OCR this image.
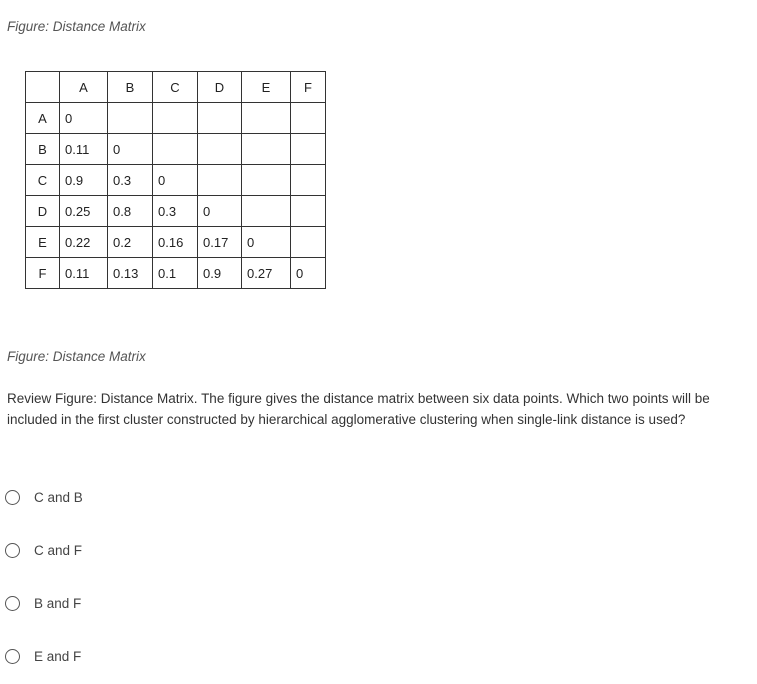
Figure: Distance Matrix
	A	B	C	D	E	F
A	0					
B	0.11	0				
C	0.9	0.3	0			
D	0.25	0.8	0.3	0		
E	0.22	0.2	0.16	0.17	0	
F	0.11	0.13	0.1	0.9	0.27	0
Figure: Distance Matrix
Review Figure: Distance Matrix. The figure gives the distance matrix between six data points. Which two points will be included in the first cluster constructed by hierarchical agglomerative clustering when single-link distance is used?
C and B
C and F
B and F
E and F
